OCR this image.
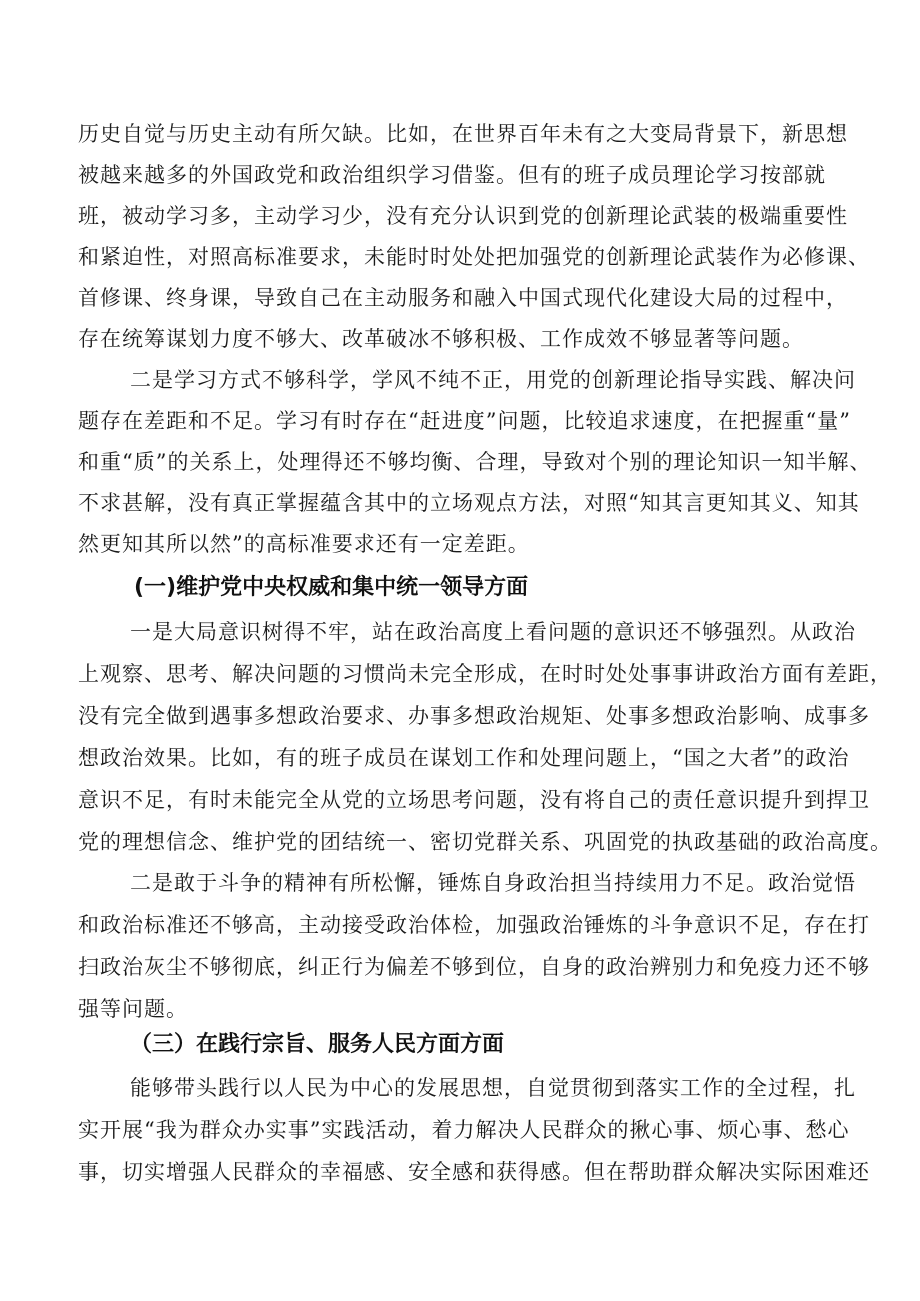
历史自觉与历史主动有所欠缺。比如，在世界百年未有之大变局背景下，新思想
被越来越多的外国政党和政治组织学习借鉴。但有的班子成员理论学习按部就
班，被动学习多，主动学习少，没有充分认识到党的创新理论武装的极端重要性
和紧迫性，对照高标准要求，未能时时处处把加强党的创新理论武装作为必修课、
首修课、终身课，导致自己在主动服务和融入中国式现代化建设大局的过程中，
存在统筹谋划力度不够大、改革破冰不够积极、工作成效不够显著等问题。
二是学习方式不够科学，学风不纯不正，用党的创新理论指导实践、解决问
题存在差距和不足。学习有时存在“赶进度”问题，比较追求速度，在把握重“量”
和重“质”的关系上，处理得还不够均衡、合理，导致对个别的理论知识一知半解、
不求甚解，没有真正掌握蕴含其中的立场观点方法，对照“知其言更知其义、知其
然更知其所以然”的高标准要求还有一定差距。
(一)维护党中央权威和集中统一领导方面
一是大局意识树得不牢，站在政治高度上看问题的意识还不够强烈。从政治
上观察、思考、解决问题的习惯尚未完全形成，在时时处处事事讲政治方面有差距，
没有完全做到遇事多想政治要求、办事多想政治规矩、处事多想政治影响、成事多
想政治效果。比如，有的班子成员在谋划工作和处理问题上，“国之大者”的政治
意识不足，有时未能完全从党的立场思考问题，没有将自己的责任意识提升到捍卫
党的理想信念、维护党的团结统一、密切党群关系、巩固党的执政基础的政治高度。
二是敢于斗争的精神有所松懈，锤炼自身政治担当持续用力不足。政治觉悟
和政治标准还不够高，主动接受政治体检，加强政治锤炼的斗争意识不足，存在打
扫政治灰尘不够彻底，纠正行为偏差不够到位，自身的政治辨别力和免疫力还不够
强等问题。
（三）在践行宗旨、服务人民方面方面
能够带头践行以人民为中心的发展思想，自觉贯彻到落实工作的全过程，扎
实开展“我为群众办实事”实践活动，着力解决人民群众的揪心事、烦心事、愁心
事，切实增强人民群众的幸福感、安全感和获得感。但在帮助群众解决实际困难还
